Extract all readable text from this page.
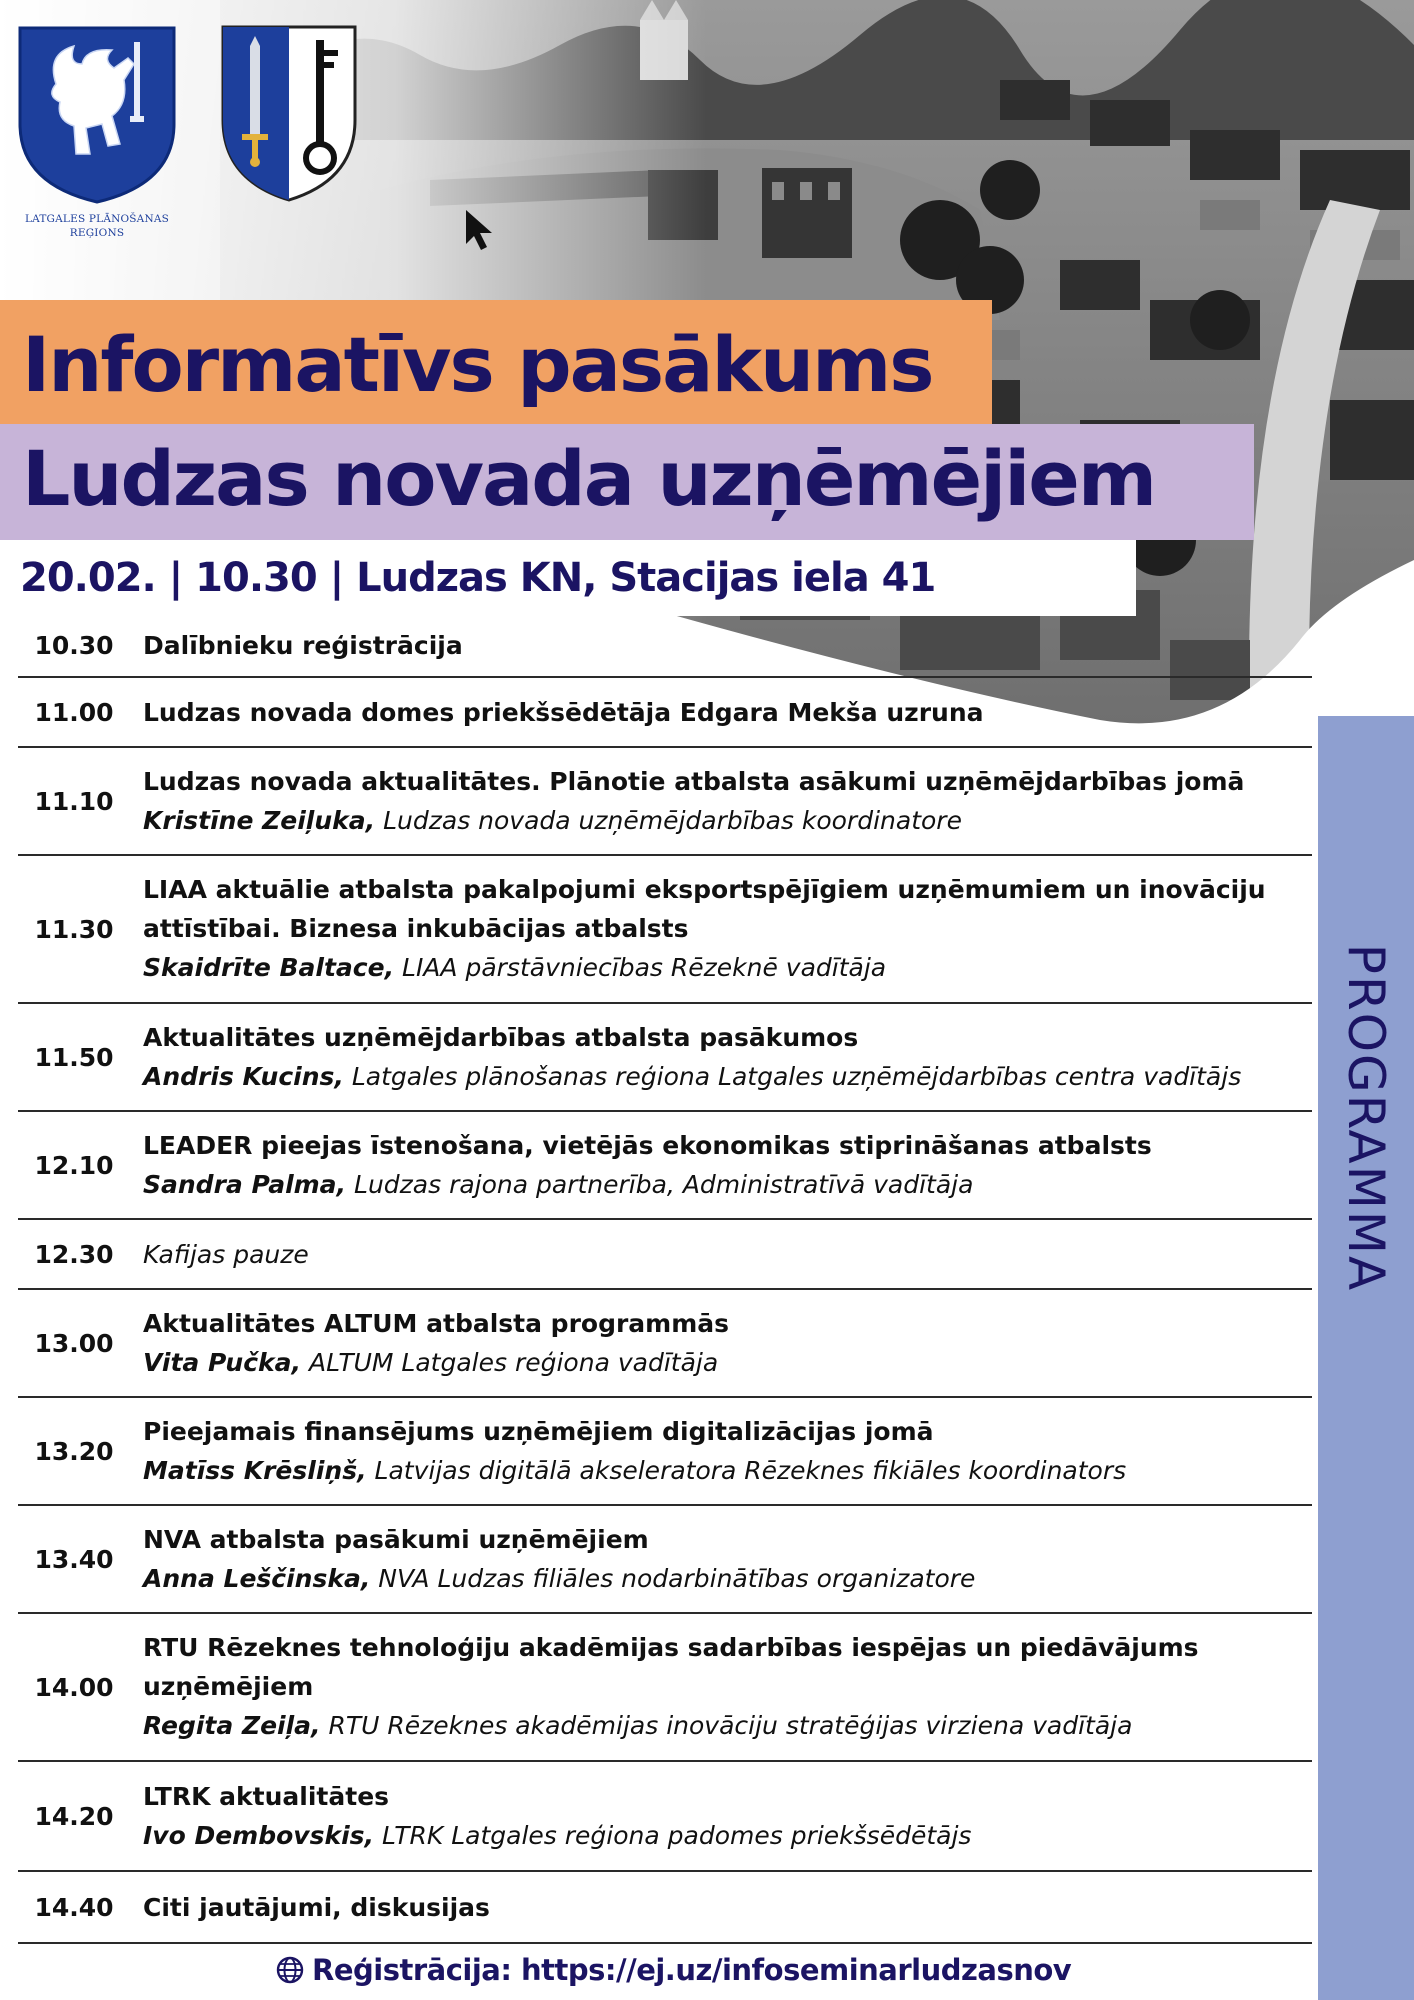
LATGALES PLĀNOŠANAS
REĢIONS
Informatīvs pasākums
Ludzas novada uzņēmējiem
20.02. | 10.30 | Ludzas KN, Stacijas iela 41
PROGRAMMA
10.30	Dalībnieku reģistrācija
11.00	Ludzas novada domes priekšsēdētāja Edgara Mekša uzruna
11.10
Ludzas novada aktualitātes. Plānotie atbalsta asākumi uzņēmējdarbības jomā
Kristīne Zeiļuka, Ludzas novada uzņēmējdarbības koordinatore
11.30
LIAA aktuālie atbalsta pakalpojumi eksportspējīgiem uzņēmumiem un inovāciju
attīstībai. Biznesa inkubācijas atbalsts
Skaidrīte Baltace, LIAA pārstāvniecības Rēzeknē vadītāja
11.50
Aktualitātes uzņēmējdarbības atbalsta pasākumos
Andris Kucins, Latgales plānošanas reģiona Latgales uzņēmējdarbības centra vadītājs
12.10
LEADER pieejas īstenošana, vietējās ekonomikas stiprināšanas atbalsts
Sandra Palma, Ludzas rajona partnerība, Administratīvā vadītāja
12.30	Kafijas pauze
13.00
Aktualitātes ALTUM atbalsta programmās
Vita Pučka, ALTUM Latgales reģiona vadītāja
13.20
Pieejamais finansējums uzņēmējiem digitalizācijas jomā
Matīss Krēsliņš, Latvijas digitālā akseleratora Rēzeknes fikiāles koordinators
13.40
NVA atbalsta pasākumi uzņēmējiem
Anna Leščinska, NVA Ludzas filiāles nodarbinātības organizatore
14.00
RTU Rēzeknes tehnoloģiju akadēmijas sadarbības iespējas un piedāvājums
uzņēmējiem
Regita Zeiļa, RTU Rēzeknes akadēmijas inovāciju stratēģijas virziena vadītāja
14.20
LTRK aktualitātes
Ivo Dembovskis, LTRK Latgales reģiona padomes priekšsēdētājs
14.40	Citi jautājumi, diskusijas
Reģistrācija: https://ej.uz/infoseminarludzasnov
